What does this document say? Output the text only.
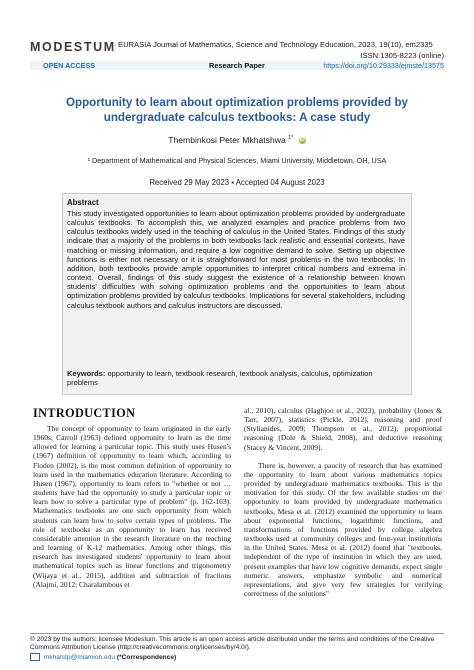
MODESTUM EURASIA Journal of Mathematics, Science and Technology Education, 2023, 19(10), em2335
ISSN:1305-8223 (online)
OPEN ACCESS	Research Paper	https://doi.org/10.29333/ejmste/13575
Opportunity to learn about optimization problems provided by undergraduate calculus textbooks: A case study
Thembinkosi Peter Mkhatshwa $^{1*}$ iD
¹ Department of Mathematical and Physical Sciences, Miami University, Middletown, OH, USA
Received 29 May 2023 ▪ Accepted 04 August 2023
Abstract
This study investigated opportunities to learn about optimization problems provided by undergraduate calculus textbooks. To accomplish this, we analyzed examples and practice problems from two calculus textbooks widely used in the teaching of calculus in the United States. Findings of this study indicate that a majority of the problems in both textbooks lack realistic and essential contexts, have matching or missing information, and require a low cognitive demand to solve. Setting up objective functions is either not necessary or it is straightforward for most problems in the two textbooks. In addition, both textbooks provide ample opportunities to interpret critical numbers and extrema in context. Overall, findings of this study suggest the existence of a relationship between known students' difficulties with solving optimization problems and the opportunities to learn about optimization problems provided by calculus textbooks. Implications for several stakeholders, including calculus textbook authors and calculus instructors are discussed.
Keywords: opportunity to learn, textbook research, textbook analysis, calculus, optimization problems
INTRODUCTION
The concept of opportunity to learn originated in the early 1960s. Carroll (1963) defined opportunity to learn as the time allowed for learning a particular topic. This study uses Husen's (1967) definition of opportunity to learn which, according to Floden (2002), is the most common definition of opportunity to learn used in the mathematics education literature. According to Husen (1967), opportunity to learn refers to "whether or not … students have had the opportunity to study a particular topic or learn how to solve a particular type of problem" (p. 162-163). Mathematics textbooks are one such opportunity from which students can learn how to solve certain types of problems. The role of textbooks as an opportunity to learn has received considerable attention in the research literature on the teaching and learning of K-12 mathematics. Among other things, this research has investigated students' opportunity to learn about mathematical topics such as linear functions and trigonometry (Wijaya et al., 2015), addition and subtraction of fractions (Alajmi, 2012; Charalambous et

al., 2010), calculus (Haghjoo et al., 2023), probability (Jones & Tarr, 2007), statistics (Pickle, 2012), reasoning and proof (Stylianides, 2009; Thompson et al., 2012), proportional reasoning (Dole & Shield, 2008), and deductive reasoning (Stacey & Vincent, 2009).

There is, however, a paucity of research that has examined the opportunity to learn about various mathematics topics provided by undergraduate mathematics textbooks. This is the motivation for this study. Of the few available studies on the opportunity to learn provided by undergraduate mathematics textbooks, Mesa et al. (2012) examined the opportunity to learn about exponential functions, logarithmic functions, and transformations of functions provided by college algebra textbooks used at community colleges and four-year institutions in the United States. Mesa et al. (2012) found that "textbooks, independent of the type of institution in which they are used, present examples that have low cognitive demands, expect single numeric answers, emphasize symbolic and numerical representations, and give very few strategies for verifying correctness of the solutions"

© 2023 by the authors; licensee Modestum. This article is an open access article distributed under the terms and conditions of the Creative Commons Attribution License (http://creativecommons.org/licenses/by/4.0/).
mkhatstp@miamioh.edu (*Correspondence)
